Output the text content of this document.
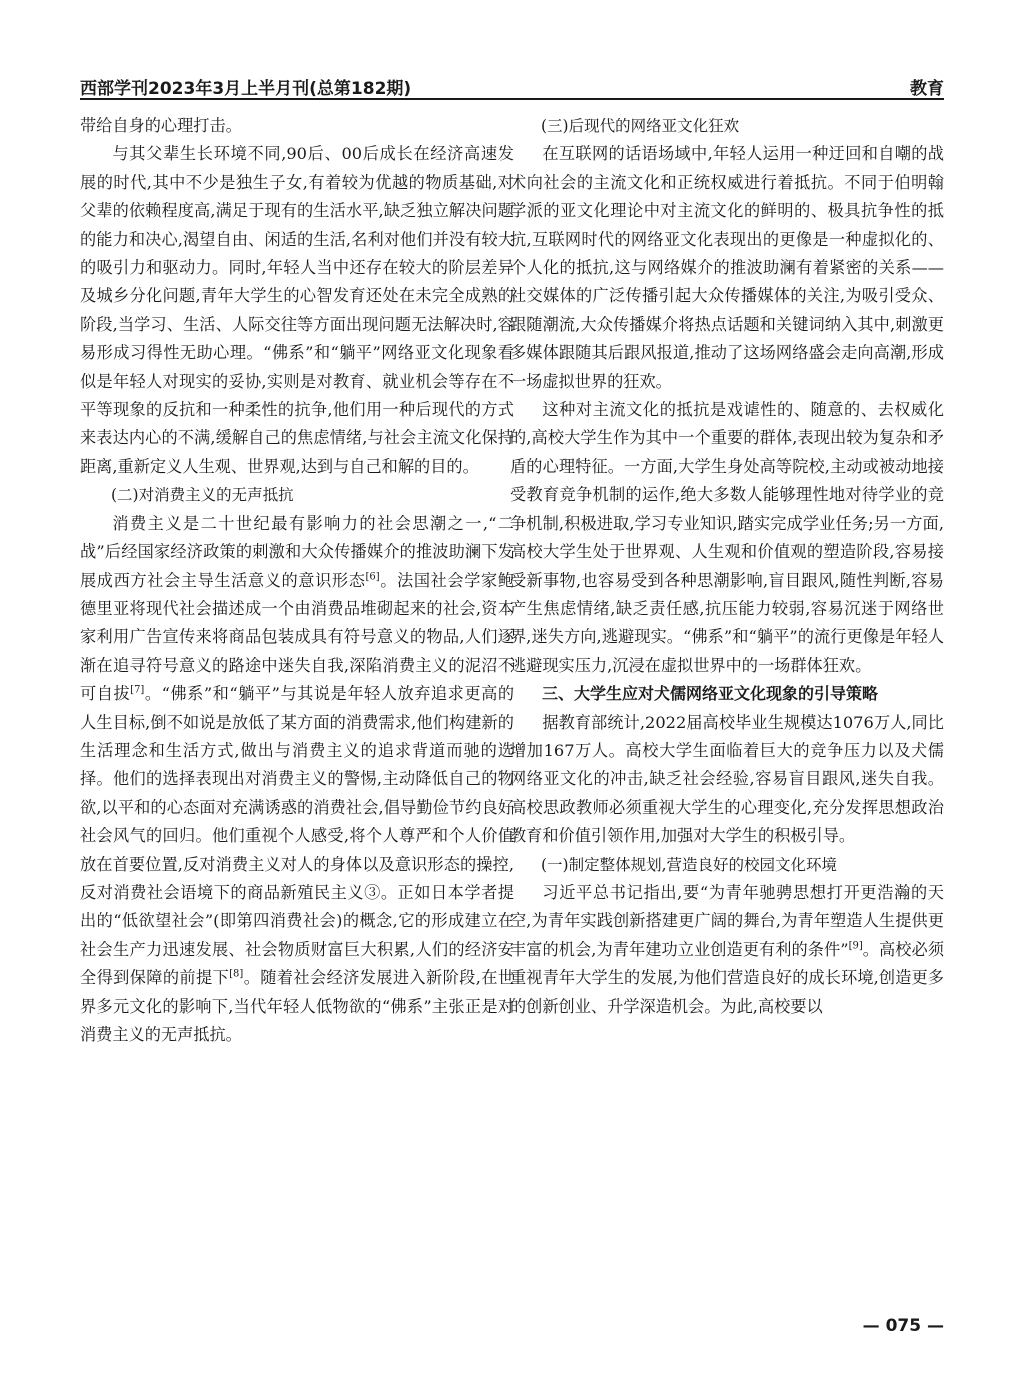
西部学刊2023年3月上半月刊(总第182期)	教育

带给自身的心理打击。

与其父辈生长环境不同,90后、00后成长在经济高速发展的时代,其中不少是独生子女,有着较为优越的物质基础,对父辈的依赖程度高,满足于现有的生活水平,缺乏独立解决问题的能力和决心,渴望自由、闲适的生活,名利对他们并没有较大的吸引力和驱动力。同时,年轻人当中还存在较大的阶层差异及城乡分化问题,青年大学生的心智发育还处在未完全成熟的阶段,当学习、生活、人际交往等方面出现问题无法解决时,容易形成习得性无助心理。“佛系”和“躺平”网络亚文化现象看似是年轻人对现实的妥协,实则是对教育、就业机会等存在不平等现象的反抗和一种柔性的抗争,他们用一种后现代的方式来表达内心的不满,缓解自己的焦虑情绪,与社会主流文化保持距离,重新定义人生观、世界观,达到与自己和解的目的。

(二)对消费主义的无声抵抗

消费主义是二十世纪最有影响力的社会思潮之一,“二战”后经国家经济政策的刺激和大众传播媒介的推波助澜下发展成西方社会主导生活意义的意识形态[6]。法国社会学家鲍德里亚将现代社会描述成一个由消费品堆砌起来的社会,资本家利用广告宣传来将商品包装成具有符号意义的物品,人们逐渐在追寻符号意义的路途中迷失自我,深陷消费主义的泥沼不可自拔[7]。“佛系”和“躺平”与其说是年轻人放弃追求更高的人生目标,倒不如说是放低了某方面的消费需求,他们构建新的生活理念和生活方式,做出与消费主义的追求背道而驰的选择。他们的选择表现出对消费主义的警惕,主动降低自己的物欲,以平和的心态面对充满诱惑的消费社会,倡导勤俭节约良好社会风气的回归。他们重视个人感受,将个人尊严和个人价值放在首要位置,反对消费主义对人的身体以及意识形态的操控,反对消费社会语境下的商品新殖民主义③。正如日本学者提出的“低欲望社会”(即第四消费社会)的概念,它的形成建立在社会生产力迅速发展、社会物质财富巨大积累,人们的经济安全得到保障的前提下[8]。随着社会经济发展进入新阶段,在世界多元文化的影响下,当代年轻人低物欲的“佛系”主张正是对消费主义的无声抵抗。

(三)后现代的网络亚文化狂欢

在互联网的话语场域中,年轻人运用一种迂回和自嘲的战术向社会的主流文化和正统权威进行着抵抗。不同于伯明翰学派的亚文化理论中对主流文化的鲜明的、极具抗争性的抵抗,互联网时代的网络亚文化表现出的更像是一种虚拟化的、个人化的抵抗,这与网络媒介的推波助澜有着紧密的关系——社交媒体的广泛传播引起大众传播媒体的关注,为吸引受众、跟随潮流,大众传播媒介将热点话题和关键词纳入其中,刺激更多媒体跟随其后跟风报道,推动了这场网络盛会走向高潮,形成一场虚拟世界的狂欢。

这种对主流文化的抵抗是戏谑性的、随意的、去权威化的,高校大学生作为其中一个重要的群体,表现出较为复杂和矛盾的心理特征。一方面,大学生身处高等院校,主动或被动地接受教育竞争机制的运作,绝大多数人能够理性地对待学业的竞争机制,积极进取,学习专业知识,踏实完成学业任务;另一方面,高校大学生处于世界观、人生观和价值观的塑造阶段,容易接受新事物,也容易受到各种思潮影响,盲目跟风,随性判断,容易产生焦虑情绪,缺乏责任感,抗压能力较弱,容易沉迷于网络世界,迷失方向,逃避现实。“佛系”和“躺平”的流行更像是年轻人逃避现实压力,沉浸在虚拟世界中的一场群体狂欢。

三、大学生应对犬儒网络亚文化现象的引导策略

据教育部统计,2022届高校毕业生规模达1076万人,同比增加167万人。高校大学生面临着巨大的竞争压力以及犬儒网络亚文化的冲击,缺乏社会经验,容易盲目跟风,迷失自我。高校思政教师必须重视大学生的心理变化,充分发挥思想政治教育和价值引领作用,加强对大学生的积极引导。

(一)制定整体规划,营造良好的校园文化环境

习近平总书记指出,要“为青年驰骋思想打开更浩瀚的天空,为青年实践创新搭建更广阔的舞台,为青年塑造人生提供更丰富的机会,为青年建功立业创造更有利的条件”[9]。高校必须重视青年大学生的发展,为他们营造良好的成长环境,创造更多的创新创业、升学深造机会。为此,高校要以

— 075 —
